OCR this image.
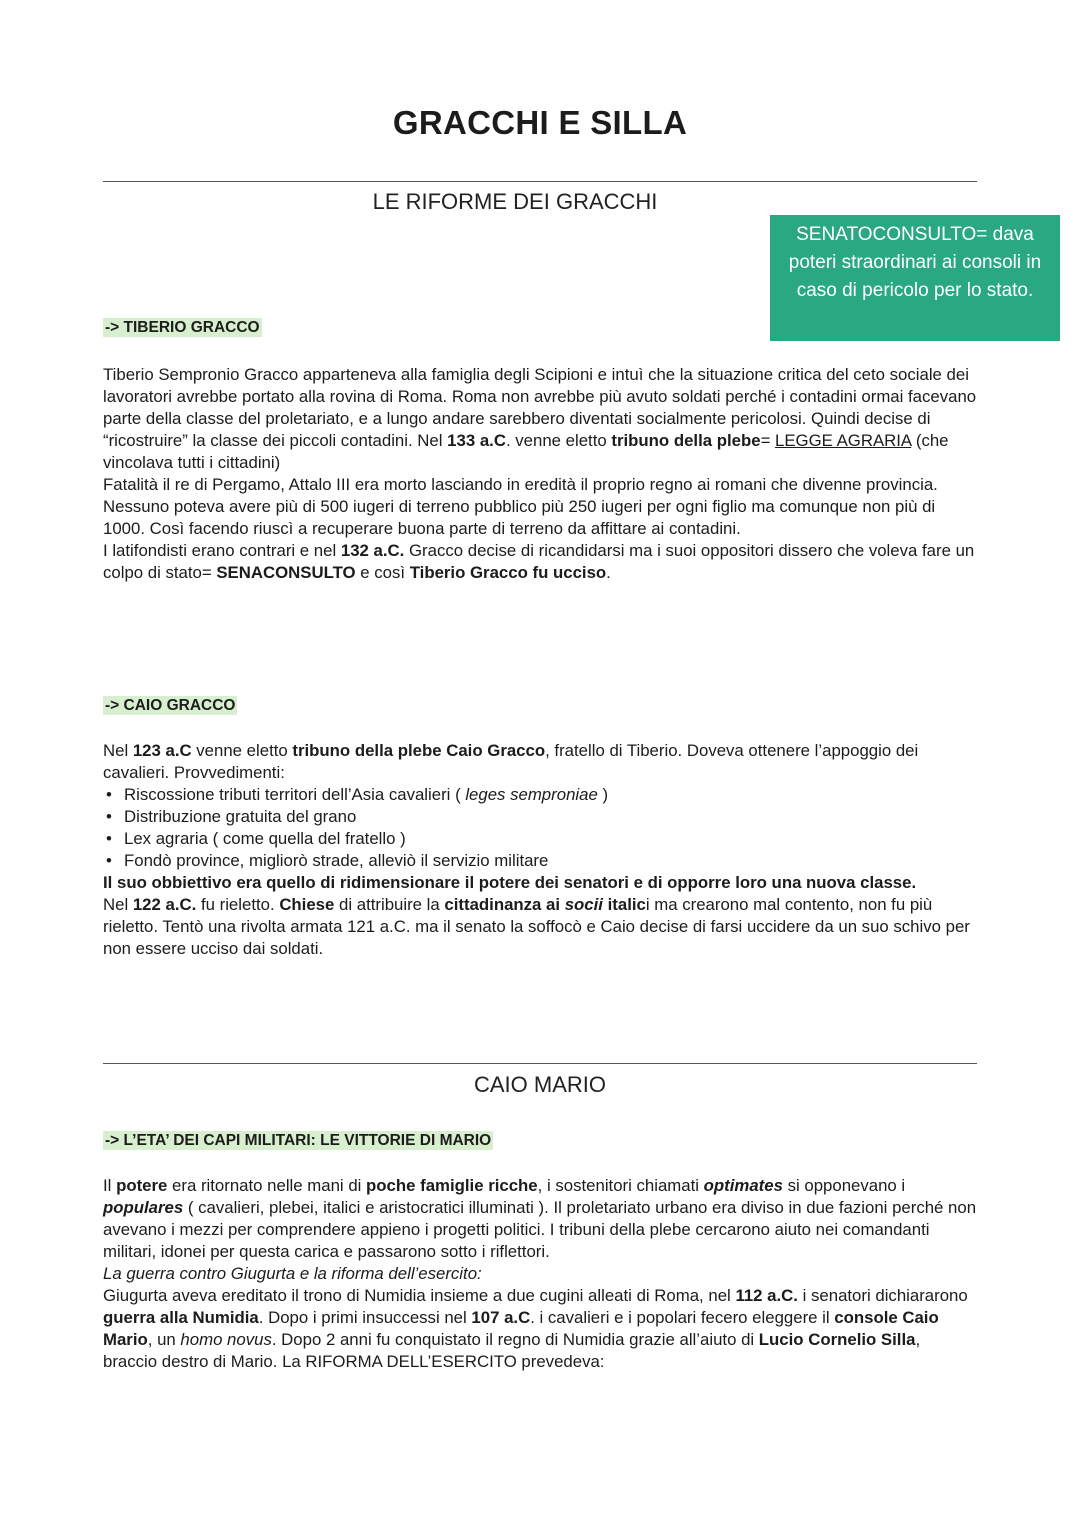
GRACCHI E SILLA
LE RIFORME DEI GRACCHI
SENATOCONSULTO= dava poteri straordinari ai consoli in caso di pericolo per lo stato.
-> TIBERIO GRACCO

Tiberio Sempronio Gracco apparteneva alla famiglia degli Scipioni e intuì che la situazione critica del ceto sociale dei lavoratori avrebbe portato alla rovina di Roma. Roma non avrebbe più avuto soldati perché i contadini ormai facevano parte della classe del proletariato, e a lungo andare sarebbero diventati socialmente pericolosi. Quindi decise di “ricostruire” la classe dei piccoli contadini. Nel 133 a.C. venne eletto tribuno della plebe= LEGGE AGRARIA (che vincolava tutti i cittadini)

Fatalità il re di Pergamo, Attalo III era morto lasciando in eredità il proprio regno ai romani che divenne provincia.

Nessuno poteva avere più di 500 iugeri di terreno pubblico più 250 iugeri per ogni figlio ma comunque non più di 1000. Così facendo riuscì a recuperare buona parte di terreno da affittare ai contadini.

I latifondisti erano contrari e nel 132 a.C. Gracco decise di ricandidarsi ma i suoi oppositori dissero che voleva fare un colpo di stato= SENACONSULTO e così Tiberio Gracco fu ucciso.

-> CAIO GRACCO

Nel 123 a.C venne eletto tribuno della plebe Caio Gracco, fratello di Tiberio. Doveva ottenere l’appoggio dei cavalieri. Provvedimenti:

• Riscossione tributi territori dell’Asia cavalieri ( leges semproniae )
• Distribuzione gratuita del grano
• Lex agraria ( come quella del fratello )
• Fondò province, migliorò strade, alleviò il servizio militare

Il suo obbiettivo era quello di ridimensionare il potere dei senatori e di opporre loro una nuova classe.

Nel 122 a.C. fu rieletto. Chiese di attribuire la cittadinanza ai socii italici ma crearono mal contento, non fu più rieletto. Tentò una rivolta armata 121 a.C. ma il senato la soffocò e Caio decise di farsi uccidere da un suo schivo per non essere ucciso dai soldati.

CAIO MARIO
-> L’ETA’ DEI CAPI MILITARI: LE VITTORIE DI MARIO

Il potere era ritornato nelle mani di poche famiglie ricche, i sostenitori chiamati optimates si opponevano i populares ( cavalieri, plebei, italici e aristocratici illuminati ). Il proletariato urbano era diviso in due fazioni perché non avevano i mezzi per comprendere appieno i progetti politici. I tribuni della plebe cercarono aiuto nei comandanti militari, idonei per questa carica e passarono sotto i riflettori.

La guerra contro Giugurta e la riforma dell’esercito:

Giugurta aveva ereditato il trono di Numidia insieme a due cugini alleati di Roma, nel 112 a.C. i senatori dichiararono guerra alla Numidia. Dopo i primi insuccessi nel 107 a.C. i cavalieri e i popolari fecero eleggere il console Caio Mario, un homo novus. Dopo 2 anni fu conquistato il regno di Numidia grazie all’aiuto di Lucio Cornelio Silla, braccio destro di Mario. La RIFORMA DELL’ESERCITO prevedeva:
